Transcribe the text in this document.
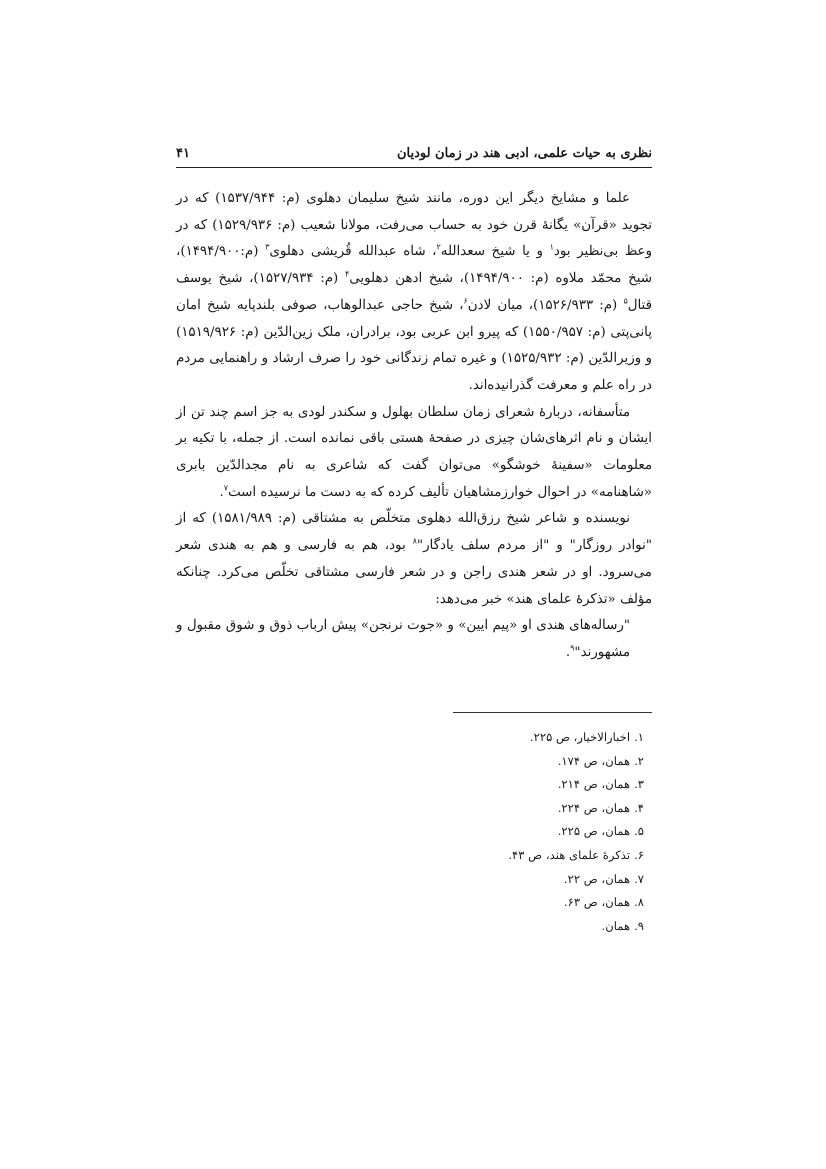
نظری به حیات علمی، ادبی هند در زمان لودیان
۴۱

علما و مشایخ دیگر این دوره، مانند شیخ سلیمان دهلوی (م: ۱۵۳۷/۹۴۴) که در تجوید «قرآن» یگانهٔ قرن خود به حساب می‌رفت، مولانا شعیب (م: ۱۵۲۹/۹۳۶) که در وعظ بی‌نظیر بود$^۱$ و یا شیخ سعدالله$^۲$، شاه عبدالله قُریشی دهلوی$^۳$ (م:۱۴۹۴/۹۰۰)، شیخ محمّد ملاوه (م: ۱۴۹۴/۹۰۰)، شیخ ادهن دهلویی$^۴$ (م: ۱۵۲۷/۹۳۴)، شیخ یوسف قتال$^۵$ (م: ۱۵۲۶/۹۳۳)، میان لادن$^۶$، شیخ حاجی عبدالوهاب، صوفی بلندپایه شیخ امان پانی‌پتی (م: ۱۵۵۰/۹۵۷) که پیرو ابن عربی بود، برادران، ملک زین‌الدّین (م: ۱۵۱۹/۹۲۶) و وزیرالدّین (م: ۱۵۲۵/۹۳۲) و غیره تمام زندگانی خود را صرف ارشاد و راهنمایی مردم در راه علم و معرفت گذرانیده‌اند.

متأسفانه، دربارهٔ شعرای زمان سلطان بهلول و سکندر لودی به جز اسم چند تن از ایشان و نام اثرهای‌شان چیزی در صفحهٔ هستی باقی نمانده است. از جمله، با تکیه بر معلومات «سفینهٔ خوشگو» می‌توان گفت که شاعری به نام مجدالدّین بابری «شاهنامه» در احوال خوارزمشاهیان تألیف کرده که به دست ما نرسیده است$^۷$.

نویسنده و شاعر شیخ رزق‌الله دهلوی متخلّص به مشتاقی (م: ۱۵۸۱/۹۸۹) که از "نوادر روزگار" و "از مردم سلف یادگار"$^۸$ بود، هم به فارسی و هم به هندی شعر می‌سرود. او در شعر هندی راجن و در شعر فارسی مشتاقی تخلّص می‌کرد. چنانکه مؤلف «تذکرهٔ علمای هند» خبر می‌دهد:

"رساله‌های هندی او «پیم ایین» و «جوت نرنجن» پیش ارباب ذوق و شوق مقبول و مشهورند"$^۹$.

۱.اخبارالاخیار، ص ۲۲۵.
۲.همان، ص ۱۷۴.
۳.همان، ص ۲۱۴.
۴.همان، ص ۲۲۴.
۵.همان، ص ۲۲۵.
۶.تذکرهٔ علمای هند، ص ۴۳.
۷.همان، ص ۲۲.
۸.همان، ص ۶۳.
۹.همان.
